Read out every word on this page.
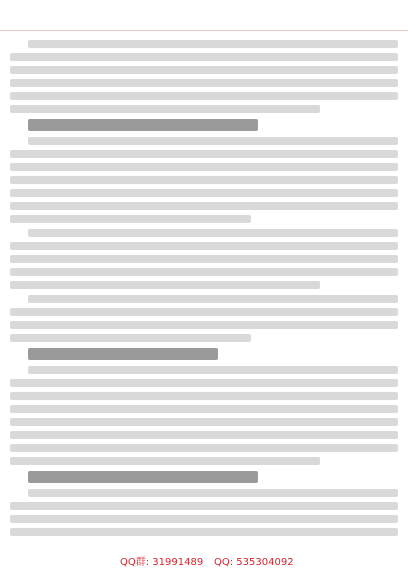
QQ群: 31991489	QQ: 535304092
